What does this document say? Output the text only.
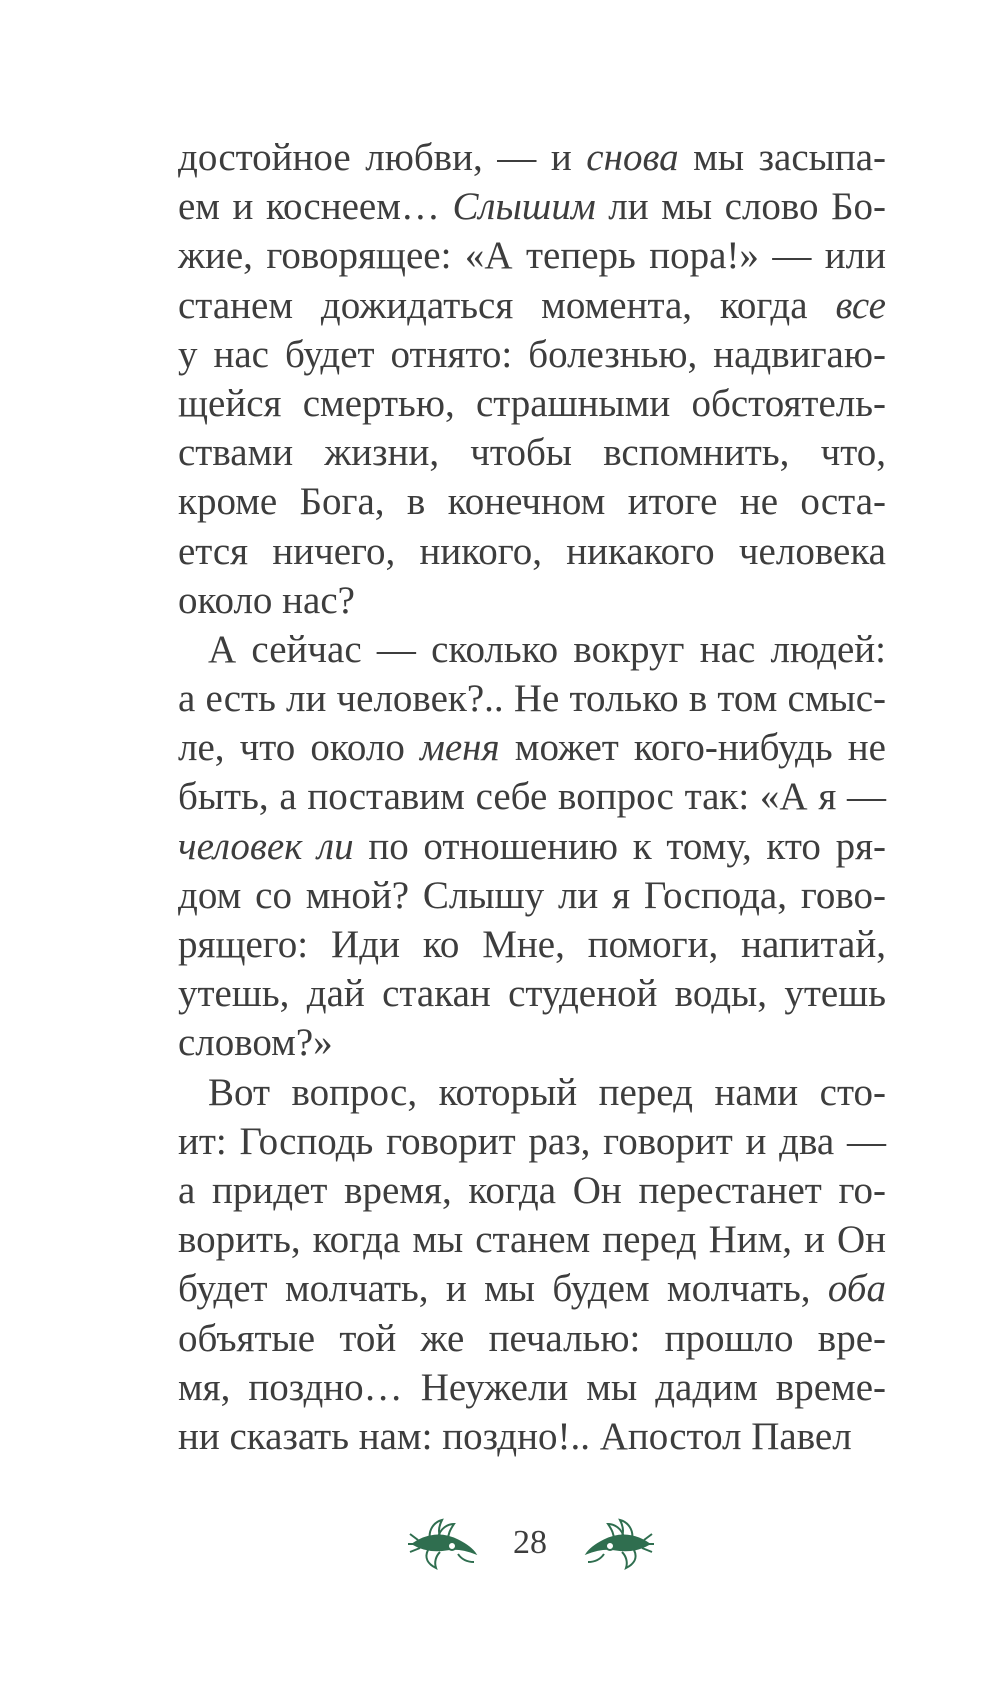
достойное любви, — и снова мы засыпа-
ем и коснеем… Слышим ли мы слово Бо-
жие, говорящее: «А теперь пора!» — или
станем дожидаться момента, когда все
у нас будет отнято: болезнью, надвигаю-
щейся смертью, страшными обстоятель-
ствами жизни, чтобы вспомнить, что,
кроме Бога, в конечном итоге не оста-
ется ничего, никого, никакого человека
около нас?
А сейчас — сколько вокруг нас людей:
а есть ли человек?.. Не только в том смыс-
ле, что около меня может кого-нибудь не
быть, а поставим себе вопрос так: «А я —
человек ли по отношению к тому, кто ря-
дом со мной? Слышу ли я Господа, гово-
рящего: Иди ко Мне, помоги, напитай,
утешь, дай стакан студеной воды, утешь
словом?»
Вот вопрос, который перед нами сто-
ит: Господь говорит раз, говорит и два —
а придет время, когда Он перестанет го-
ворить, когда мы станем перед Ним, и Он
будет молчать, и мы будем молчать, оба
объятые той же печалью: прошло вре-
мя, поздно… Неужели мы дадим време-
ни сказать нам: поздно!.. Апостол Павел
28
